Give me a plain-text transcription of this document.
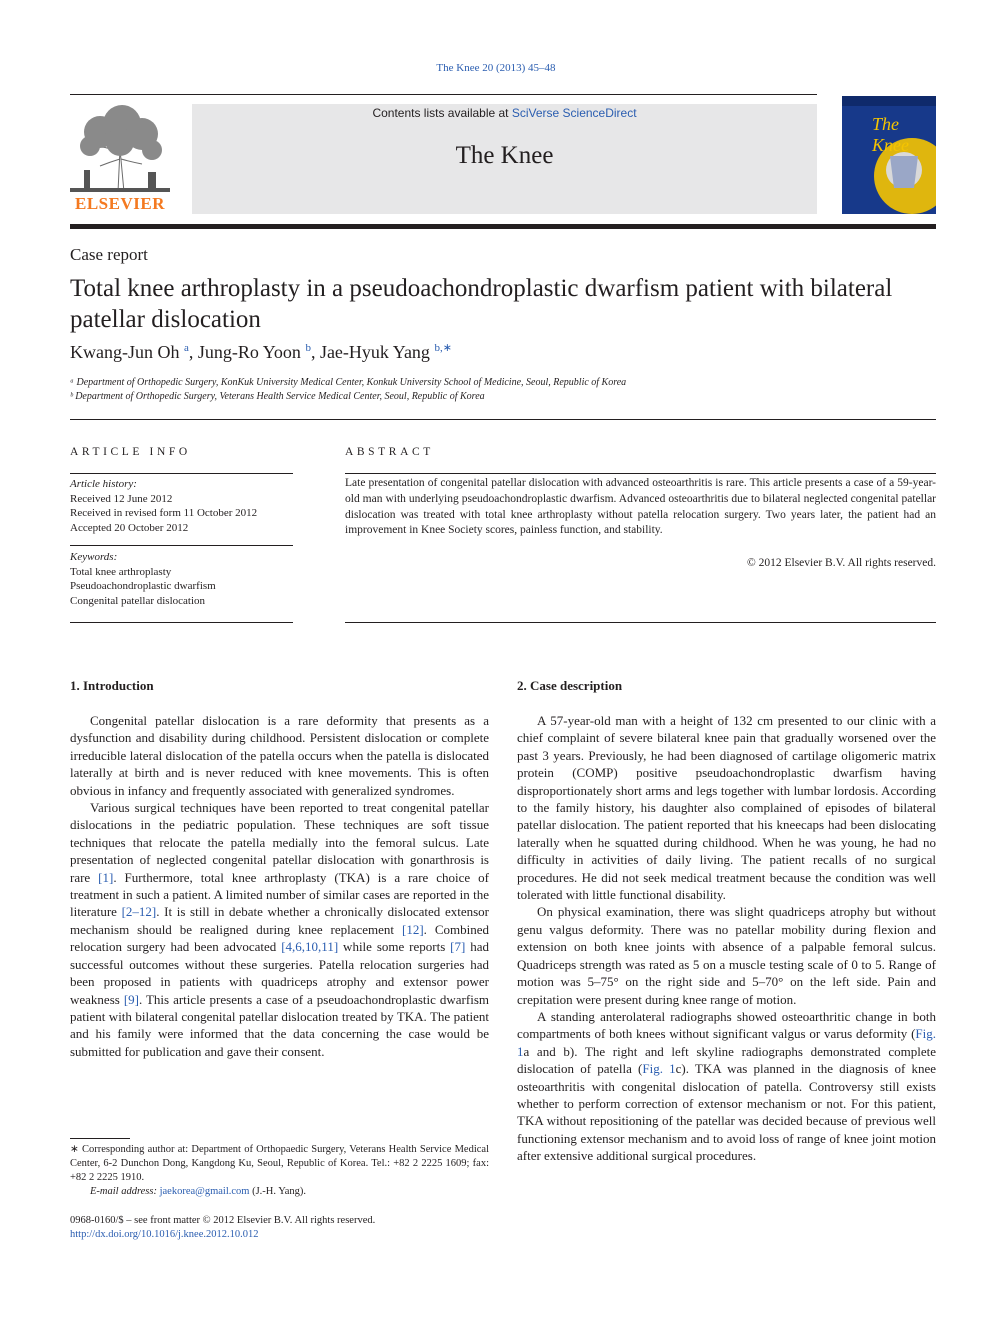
The Knee 20 (2013) 45–48
ELSEVIER
Contents lists available at SciVerse ScienceDirect
The Knee
The Knee
Case report
Total knee arthroplasty in a pseudoachondroplastic dwarfism patient with bilateral patellar dislocation
Kwang-Jun Oh $^a$, Jung-Ro Yoon $^b$, Jae-Hyuk Yang $^{b,∗}$
ᵃ Department of Orthopedic Surgery, KonKuk University Medical Center, Konkuk University School of Medicine, Seoul, Republic of Korea
ᵇ Department of Orthopedic Surgery, Veterans Health Service Medical Center, Seoul, Republic of Korea
ARTICLE INFO
Article history:
Received 12 June 2012
Received in revised form 11 October 2012
Accepted 20 October 2012
Keywords:
Total knee arthroplasty
Pseudoachondroplastic dwarfism
Congenital patellar dislocation
ABSTRACT
Late presentation of congenital patellar dislocation with advanced osteoarthritis is rare. This article presents a case of a 59-year-old man with underlying pseudoachondroplastic dwarfism. Advanced osteoarthritis due to bilateral neglected congenital patellar dislocation was treated with total knee arthroplasty without patella relocation surgery. Two years later, the patient had an improvement in Knee Society scores, painless function, and stability.
© 2012 Elsevier B.V. All rights reserved.
1. Introduction

Congenital patellar dislocation is a rare deformity that presents as a dysfunction and disability during childhood. Persistent dislocation or complete irreducible lateral dislocation of the patella occurs when the patella is dislocated laterally at birth and is never reduced with knee movements. This is often obvious in infancy and frequently associated with generalized syndromes.

Various surgical techniques have been reported to treat congenital patellar dislocations in the pediatric population. These techniques are soft tissue techniques that relocate the patella medially into the femoral sulcus. Late presentation of neglected congenital patellar dislocation with gonarthrosis is rare [1]. Furthermore, total knee arthroplasty (TKA) is a rare choice of treatment in such a patient. A limited number of similar cases are reported in the literature [2–12]. It is still in debate whether a chronically dislocated extensor mechanism should be realigned during knee replacement [12]. Combined relocation surgery had been advocated [4,6,10,11] while some reports [7] had successful outcomes without these surgeries. Patella relocation surgeries had been proposed in patients with quadriceps atrophy and extensor power weakness [9]. This article presents a case of a pseudoachondroplastic dwarfism patient with bilateral congenital patellar dislocation treated by TKA. The patient and his family were informed that the data concerning the case would be submitted for publication and gave their consent.

2. Case description

A 57-year-old man with a height of 132 cm presented to our clinic with a chief complaint of severe bilateral knee pain that gradually worsened over the past 3 years. Previously, he had been diagnosed of cartilage oligomeric matrix protein (COMP) positive pseudoachondroplastic dwarfism having disproportionately short arms and legs together with lumbar lordosis. According to the family history, his daughter also complained of episodes of bilateral patellar dislocation. The patient reported that his kneecaps had been dislocating laterally when he squatted during childhood. When he was young, he had no difficulty in activities of daily living. The patient recalls of no surgical procedures. He did not seek medical treatment because the condition was well tolerated with little functional disability.

On physical examination, there was slight quadriceps atrophy but without genu valgus deformity. There was no patellar mobility during flexion and extension on both knee joints with absence of a palpable femoral sulcus. Quadriceps strength was rated as 5 on a muscle testing scale of 0 to 5. Range of motion was 5–75° on the right side and 5–70° on the left side. Pain and crepitation were present during knee range of motion.

A standing anterolateral radiographs showed osteoarthritic change in both compartments of both knees without significant valgus or varus deformity (Fig. 1a and b). The right and left skyline radiographs demonstrated complete dislocation of patella (Fig. 1c). TKA was planned in the diagnosis of knee osteoarthritis with congenital dislocation of patella. Controversy still exists whether to perform correction of extensor mechanism or not. For this patient, TKA without repositioning of the patellar was decided because of previous well functioning extensor mechanism and to avoid loss of range of knee joint motion after extensive additional surgical procedures.

∗ Corresponding author at: Department of Orthopaedic Surgery, Veterans Health Service Medical Center, 6-2 Dunchon Dong, Kangdong Ku, Seoul, Republic of Korea. Tel.: +82 2 2225 1609; fax: +82 2 2225 1910.
E-mail address: jaekorea@gmail.com (J.-H. Yang).
0968-0160/$ – see front matter © 2012 Elsevier B.V. All rights reserved.
http://dx.doi.org/10.1016/j.knee.2012.10.012
